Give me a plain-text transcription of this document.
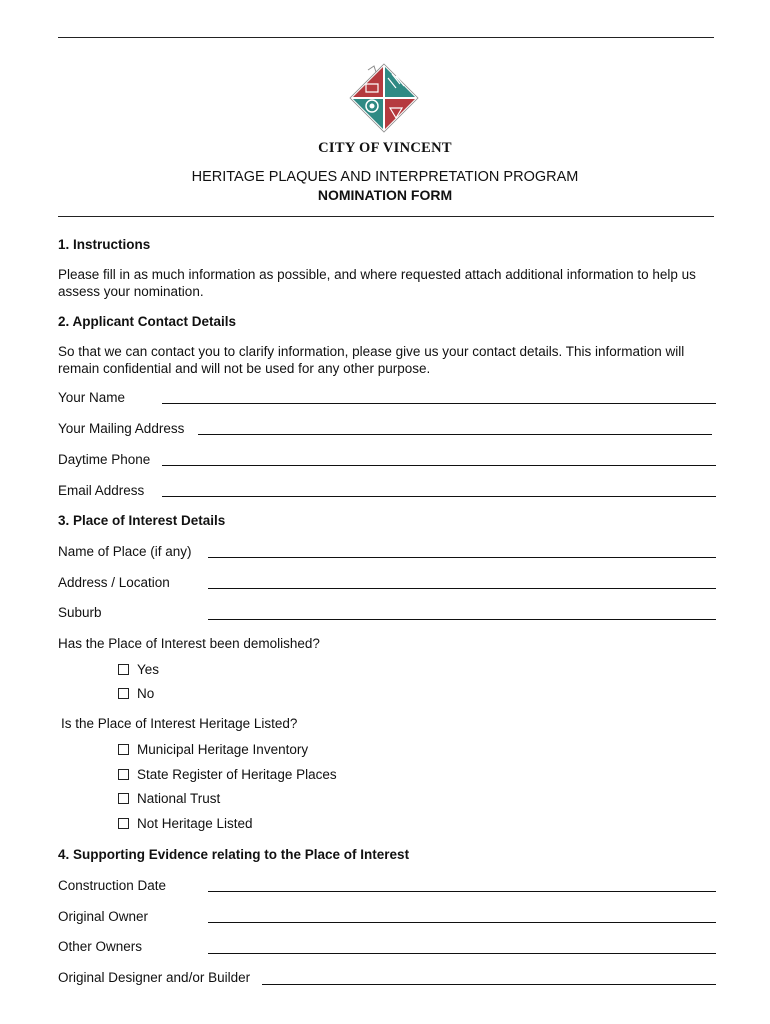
CITY OF VINCENT
HERITAGE PLAQUES AND INTERPRETATION PROGRAM
NOMINATION FORM
1. Instructions
Please fill in as much information as possible, and where requested attach additional information to help us assess your nomination.
2. Applicant Contact Details
So that we can contact you to clarify information, please give us your contact details. This information will remain confidential and will not be used for any other purpose.
Your Name
Your Mailing Address
Daytime Phone
Email Address
3. Place of Interest Details
Name of Place (if any)
Address / Location
Suburb
Has the Place of Interest been demolished?
Yes
No
Is the Place of Interest Heritage Listed?
Municipal Heritage Inventory
State Register of Heritage Places
National Trust
Not Heritage Listed
4. Supporting Evidence relating to the Place of Interest
Construction Date
Original Owner
Other Owners
Original Designer and/or Builder
